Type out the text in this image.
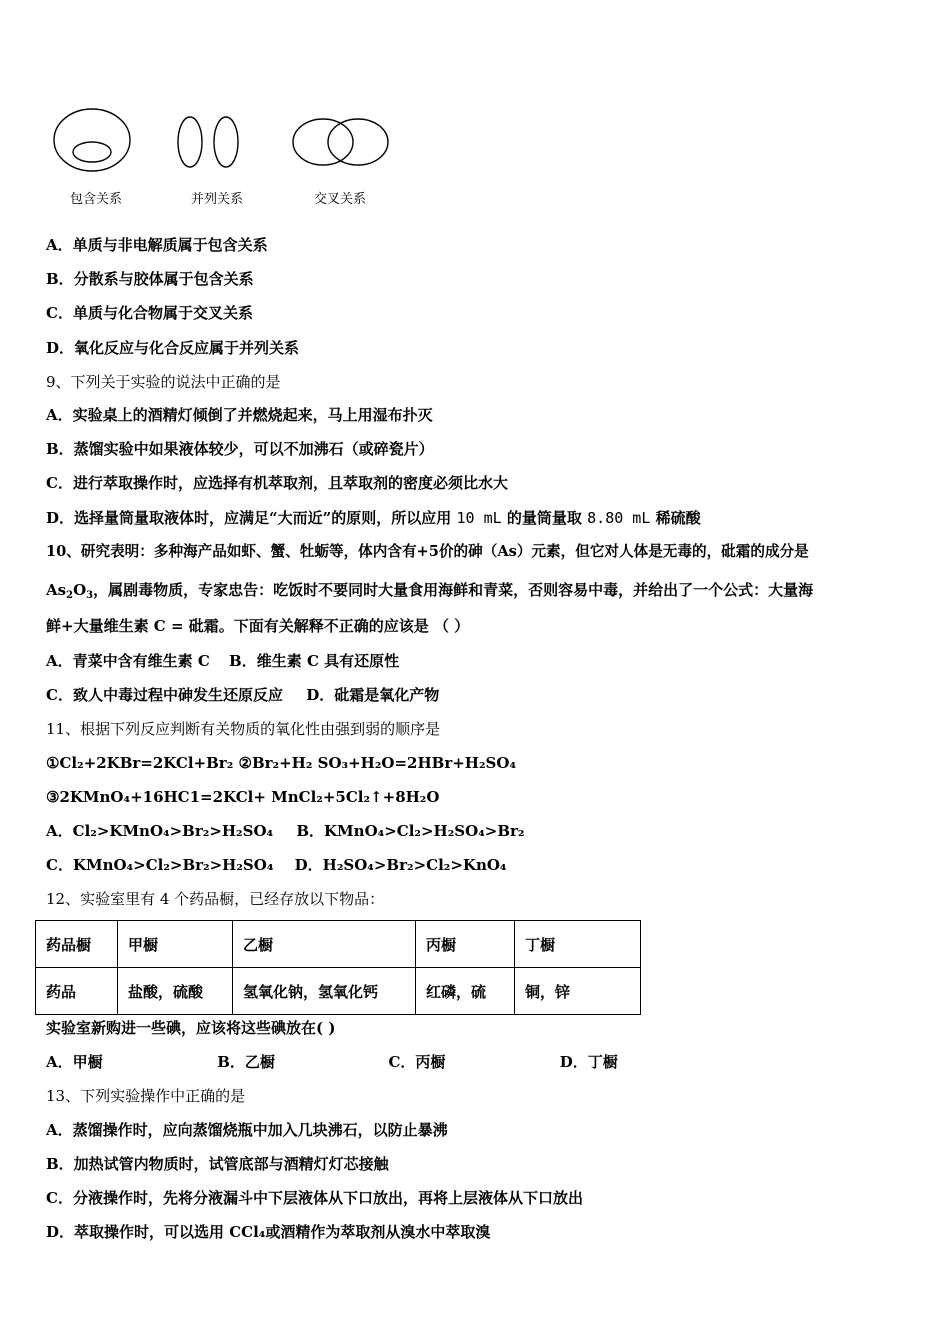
包含关系	并列关系	交叉关系
A．单质与非电解质属于包含关系
B．分散系与胶体属于包含关系
C．单质与化合物属于交叉关系
D．氧化反应与化合反应属于并列关系
9、下列关于实验的说法中正确的是
A．实验桌上的酒精灯倾倒了并燃烧起来，马上用湿布扑灭
B．蒸馏实验中如果液体较少，可以不加沸石（或碎瓷片）
C．进行萃取操作时，应选择有机萃取剂，且萃取剂的密度必须比水大
D．选择量筒量取液体时，应满足“大而近”的原则，所以应用 10 mL 的量筒量取 8.80 mL 稀硫酸
10、研究表明：多种海产品如虾、蟹、牡蛎等，体内含有+5价的砷（As）元素，但它对人体是无毒的，砒霜的成分是
$As_2O_3$，属剧毒物质，专家忠告：吃饭时不要同时大量食用海鲜和青菜，否则容易中毒，并给出了一个公式：大量海
鲜+大量维生素 C = 砒霜。下面有关解释不正确的应该是 （ ）
A．青菜中含有维生素 C B．维生素 C 具有还原性
C．致人中毒过程中砷发生还原反应 D．砒霜是氧化产物
11、根据下列反应判断有关物质的氧化性由强到弱的顺序是
①Cl₂+2KBr=2KCl+Br₂ ②Br₂+H₂ SO₃+H₂O=2HBr+H₂SO₄
③2KMnO₄+16HC1=2KCl+ MnCl₂+5Cl₂↑+8H₂O
A．Cl₂>KMnO₄>Br₂>H₂SO₄ B．KMnO₄>Cl₂>H₂SO₄>Br₂
C．KMnO₄>Cl₂>Br₂>H₂SO₄ D．H₂SO₄>Br₂>Cl₂>KnO₄
12、实验室里有 4 个药品橱，已经存放以下物品：
药品橱	甲橱	乙橱	丙橱	丁橱
药品	盐酸，硫酸	氢氧化钠，氢氧化钙	红磷，硫	铜，锌
实验室新购进一些碘，应该将这些碘放在( )
A．甲橱	B．乙橱	C．丙橱	D．丁橱
13、下列实验操作中正确的是
A．蒸馏操作时，应向蒸馏烧瓶中加入几块沸石，以防止暴沸
B．加热试管内物质时，试管底部与酒精灯灯芯接触
C．分液操作时，先将分液漏斗中下层液体从下口放出，再将上层液体从下口放出
D．萃取操作时，可以选用 CCl₄或酒精作为萃取剂从溴水中萃取溴
